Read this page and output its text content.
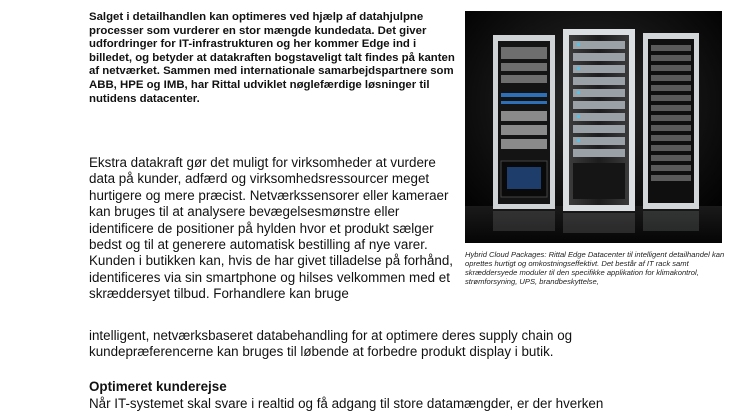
Salget i detailhandlen kan optimeres ved hjælp af datahjulpne processer som vurderer en stor mængde kundedata. Det giver udfordringer for IT-infrastrukturen og her kommer Edge ind i billedet, og betyder at datakraften bogstaveligt talt findes på kanten af netværket. Sammen med internationale samarbejdspartnere som ABB, HPE og IMB, har Rittal udviklet nøglefærdige løsninger til nutidens datacenter.

Hybrid Cloud Packages: Rittal Edge Datacenter til intelligent detailhandel kan oprettes hurtigt og omkostningseffektivt. Det består af IT rack samt skræddersyede moduler til den specifikke applikation for klimakontrol, strømforsyning, UPS, brandbeskyttelse,

Ekstra datakraft gør det muligt for virksomheder at vurdere data på kunder, adfærd og virksomhedsressourcer meget hurtigere og mere præcist. Netværkssensorer eller kameraer kan bruges til at analysere bevægelsesmønstre eller identificere de positioner på hylden hvor et produkt sælger bedst og til at generere automatisk bestilling af nye varer. Kunden i butikken kan, hvis de har givet tilladelse på forhånd, identificeres via sin smartphone og hilses velkommen med et skræddersyet tilbud. Forhandlere kan bruge

intelligent, netværksbaseret databehandling for at optimere deres supply chain og kundepræferencerne kan bruges til løbende at forbedre produkt display i butik.

Optimeret kunderejse

Når IT-systemet skal svare i realtid og få adgang til store datamængder, er der hverken
